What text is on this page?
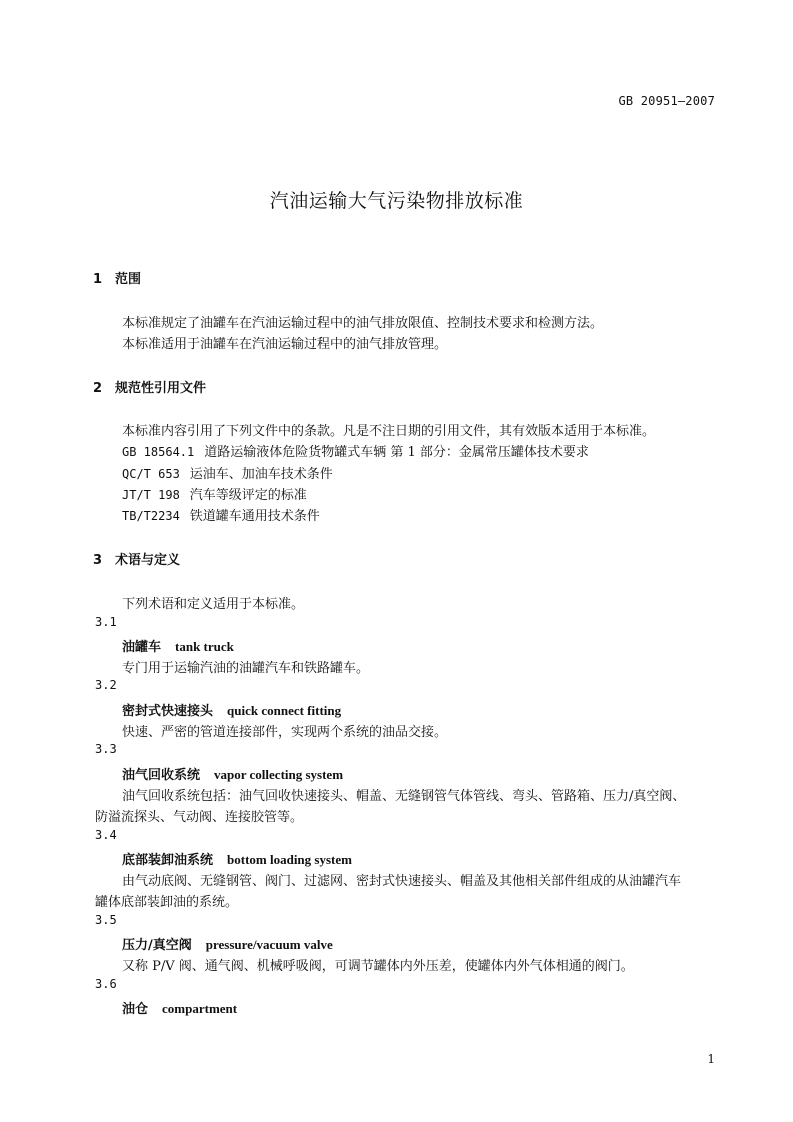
GB 20951—2007
汽油运输大气污染物排放标准
1 范围
本标准规定了油罐车在汽油运输过程中的油气排放限值、控制技术要求和检测方法。
本标准适用于油罐车在汽油运输过程中的油气排放管理。
2 规范性引用文件
本标准内容引用了下列文件中的条款。凡是不注日期的引用文件，其有效版本适用于本标准。
GB 18564.1 道路运输液体危险货物罐式车辆 第 1 部分：金属常压罐体技术要求
QC/T 653 运油车、加油车技术条件
JT/T 198 汽车等级评定的标准
TB/T2234 铁道罐车通用技术条件
3 术语与定义
下列术语和定义适用于本标准。
3.1
油罐车 tank truck
专门用于运输汽油的油罐汽车和铁路罐车。
3.2
密封式快速接头 quick connect fitting
快速、严密的管道连接部件，实现两个系统的油品交接。
3.3
油气回收系统 vapor collecting system
油气回收系统包括：油气回收快速接头、帽盖、无缝钢管气体管线、弯头、管路箱、压力/真空阀、
防溢流探头、气动阀、连接胶管等。
3.4
底部装卸油系统 bottom loading system
由气动底阀、无缝钢管、阀门、过滤网、密封式快速接头、帽盖及其他相关部件组成的从油罐汽车
罐体底部装卸油的系统。
3.5
压力/真空阀 pressure/vacuum valve
又称 P/V 阀、通气阀、机械呼吸阀，可调节罐体内外压差，使罐体内外气体相通的阀门。
3.6
油仓 compartment
1
